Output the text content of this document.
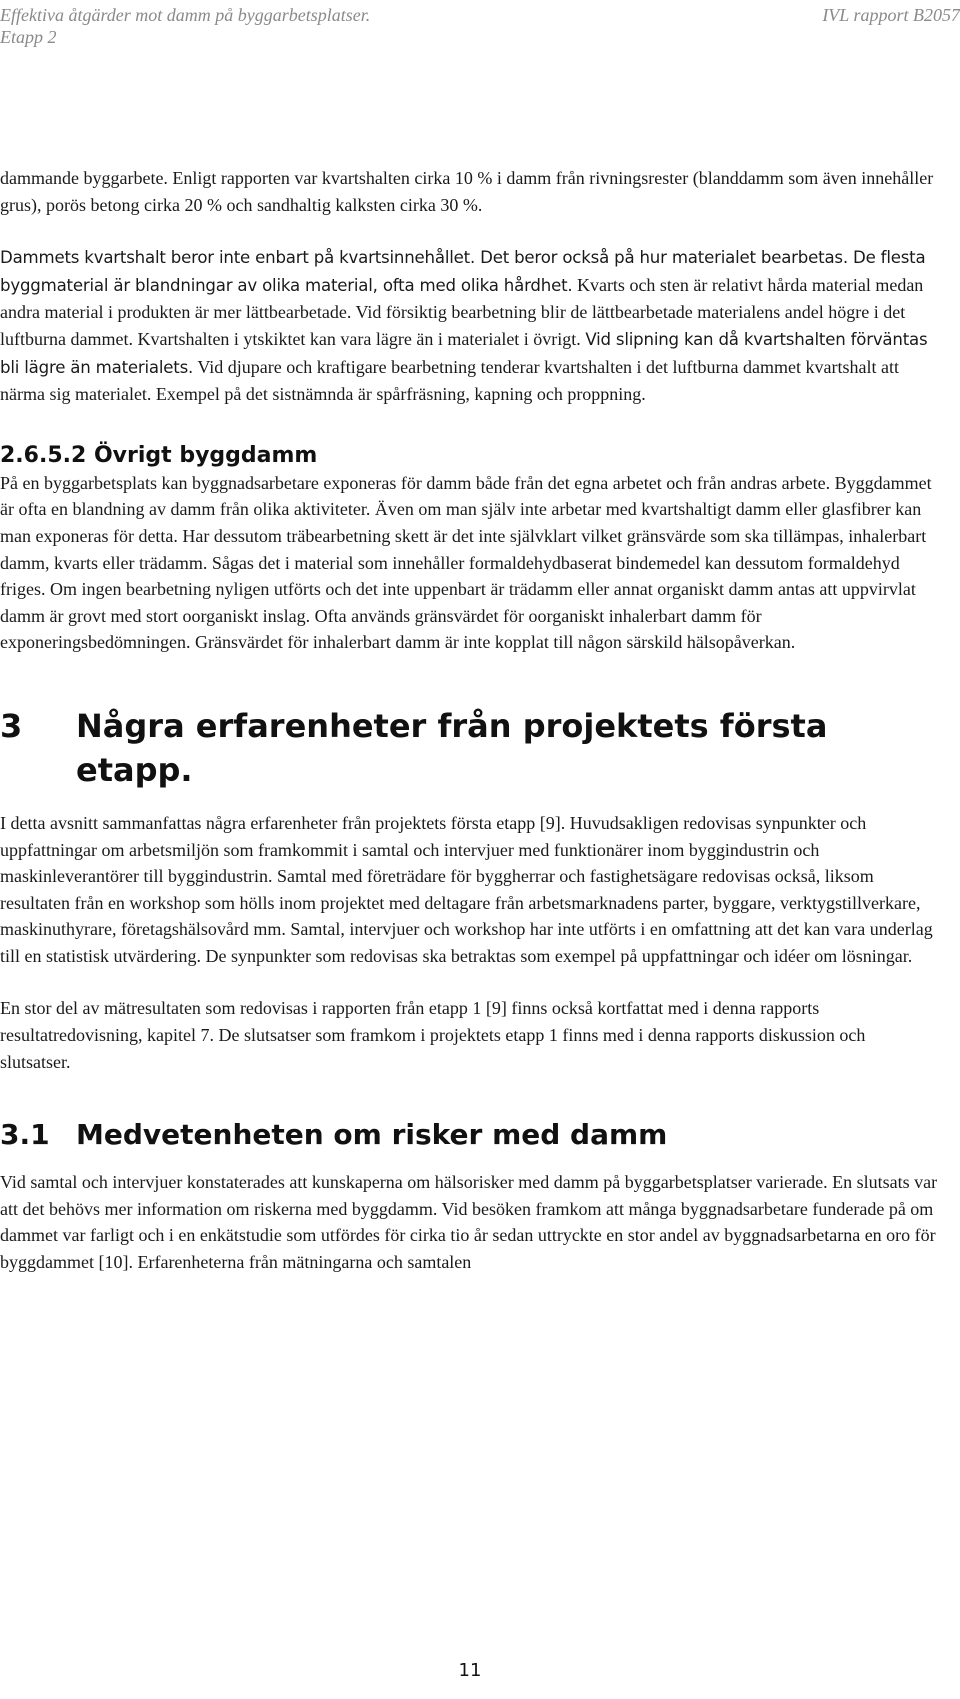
Effektiva åtgärder mot damm på byggarbetsplatser.
Etapp 2
IVL rapport B2057

dammande byggarbete. Enligt rapporten var kvartshalten cirka 10 % i damm från rivningsrester (blanddamm som även innehåller grus), porös betong cirka 20 % och sandhaltig kalksten cirka 30 %.

Dammets kvartshalt beror inte enbart på kvartsinnehållet. Det beror också på hur materialet bearbetas. De flesta byggmaterial är blandningar av olika material, ofta med olika hårdhet. Kvarts och sten är relativt hårda material medan andra material i produkten är mer lättbearbetade. Vid försiktig bearbetning blir de lättbearbetade materialens andel högre i det luftburna dammet. Kvartshalten i ytskiktet kan vara lägre än i materialet i övrigt. Vid slipning kan då kvartshalten förväntas bli lägre än materialets. Vid djupare och kraftigare bearbetning tenderar kvartshalten i det luftburna dammet kvartshalt att närma sig materialet. Exempel på det sistnämnda är spårfräsning, kapning och proppning.

2.6.5.2 Övrigt byggdamm

På en byggarbetsplats kan byggnadsarbetare exponeras för damm både från det egna arbetet och från andras arbete. Byggdammet är ofta en blandning av damm från olika aktiviteter. Även om man själv inte arbetar med kvartshaltigt damm eller glasfibrer kan man exponeras för detta. Har dessutom träbearbetning skett är det inte självklart vilket gränsvärde som ska tillämpas, inhalerbart damm, kvarts eller trädamm. Sågas det i material som innehåller formaldehydbaserat bindemedel kan dessutom formaldehyd friges. Om ingen bearbetning nyligen utförts och det inte uppenbart är trädamm eller annat organiskt damm antas att uppvirvlat damm är grovt med stort oorganiskt inslag. Ofta används gränsvärdet för oorganiskt inhalerbart damm för exponeringsbedömningen. Gränsvärdet för inhalerbart damm är inte kopplat till någon särskild hälsopåverkan.

3	Några erfarenheter från projektets första etapp.

I detta avsnitt sammanfattas några erfarenheter från projektets första etapp [9]. Huvudsakligen redovisas synpunkter och uppfattningar om arbetsmiljön som framkommit i samtal och intervjuer med funktionärer inom byggindustrin och maskinleverantörer till byggindustrin. Samtal med företrädare för byggherrar och fastighetsägare redovisas också, liksom resultaten från en workshop som hölls inom projektet med deltagare från arbetsmarknadens parter, byggare, verktygstillverkare, maskinuthyrare, företagshälsovård mm. Samtal, intervjuer och workshop har inte utförts i en omfattning att det kan vara underlag till en statistisk utvärdering. De synpunkter som redovisas ska betraktas som exempel på uppfattningar och idéer om lösningar.

En stor del av mätresultaten som redovisas i rapporten från etapp 1 [9] finns också kortfattat med i denna rapports resultatredovisning, kapitel 7. De slutsatser som framkom i projektets etapp 1 finns med i denna rapports diskussion och slutsatser.

3.1 Medvetenheten om risker med damm

Vid samtal och intervjuer konstaterades att kunskaperna om hälsorisker med damm på byggarbetsplatser varierade. En slutsats var att det behövs mer information om riskerna med byggdamm. Vid besöken framkom att många byggnadsarbetare funderade på om dammet var farligt och i en enkätstudie som utfördes för cirka tio år sedan uttryckte en stor andel av byggnadsarbetarna en oro för byggdammet [10]. Erfarenheterna från mätningarna och samtalen

11
